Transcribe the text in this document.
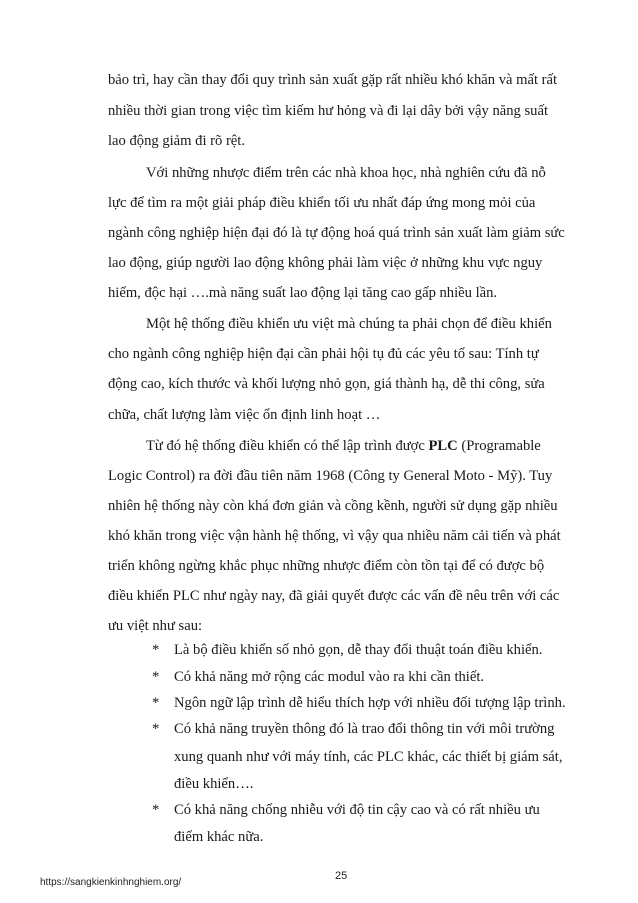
bảo trì, hay cần thay đổi quy trình sản xuất gặp rất nhiều khó khăn và mất rất
nhiều thời gian trong việc tìm kiếm hư hỏng và đi lại dây bởi vậy năng suất
lao động giảm đi rõ rệt.
Với những nhược điểm trên các nhà khoa học, nhà nghiên cứu đã nỗ
lực để tìm ra một giải pháp điều khiển tối ưu nhất đáp ứng mong mỏi của
ngành công nghiệp hiện đại đó là tự động hoá quá trình sản xuất làm giảm sức
lao động, giúp người lao động không phải làm việc ở những khu vực nguy
hiểm, độc hại ….mà năng suất lao động lại tăng cao gấp nhiều lần.
Một hệ thống điều khiển ưu việt mà chúng ta phải chọn để điều khiển
cho ngành công nghiệp hiện đại cần phải hội tụ đủ các yêu tố sau: Tính tự
động cao, kích thước và khối lượng nhỏ gọn, giá thành hạ, dễ thi công, sửa
chữa, chất lượng làm việc ổn định linh hoạt …
Từ đó hệ thống điều khiển có thể lập trình được PLC (Programable
Logic Control) ra đời đầu tiên năm 1968 (Công ty General Moto - Mỹ). Tuy
nhiên hệ thống này còn khá đơn giản và cồng kềnh, người sử dụng gặp nhiều
khó khăn trong việc vận hành hệ thống, vì vậy qua nhiều năm cải tiến và phát
triển không ngừng khắc phục những nhược điểm còn tồn tại để có được bộ
điều khiển PLC như ngày nay, đã giải quyết được các vấn đề nêu trên với các
ưu việt như sau:
* Là bộ điều khiển số nhỏ gọn, dễ thay đổi thuật toán điều khiển.
* Có khả năng mở rộng các modul vào ra khi cần thiết.
* Ngôn ngữ lập trình dễ hiểu thích hợp với nhiều đối tượng lập trình.
* Có khả năng truyền thông đó là trao đổi thông tin với môi trường
xung quanh như với máy tính, các PLC khác, các thiết bị giám sát,
điều khiển….
* Có khả năng chống nhiễu với độ tin cậy cao và có rất nhiều ưu
điểm khác nữa.
https://sangkienkinhnghiem.org/
25
